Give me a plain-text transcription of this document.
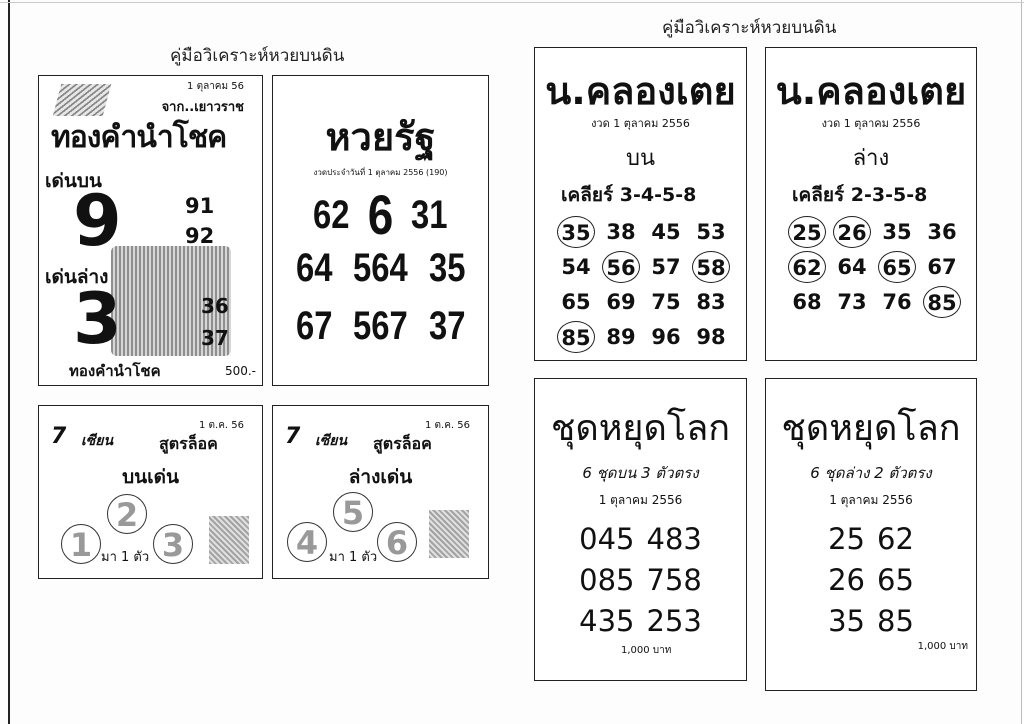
คู่มือวิเคราะห์หวยบนดิน
คู่มือวิเคราะห์หวยบนดิน
1 ตุลาคม 56
จาก..เยาวราช
ทองคำนำโชค
เด่นบน
9	91
92
เด่นล่าง
3	36
37
ทองคำนำโชค	500.-
หวยรัฐ
งวดประจำวันที่ 1 ตุลาคม 2556 (190)
62 6 31
64 564 35
67 567 37
7 เซียน	สูตรล็อค
1 ต.ค. 56
บนเด่น
1
2
3
มา 1 ตัว
7 เซียน สูตรล็อค
1 ต.ค. 56
ล่างเด่น
4
5
6
มา 1 ตัว
น.คลองเตย
งวด 1 ตุลาคม 2556
บน
เคลียร์ 3-4-5-8
35 38 45 53
54 56 57 58
65 69 75 83
85 89 96 98
น.คลองเตย
งวด 1 ตุลาคม 2556
ล่าง
เคลียร์ 2-3-5-8
25 26 35 36
62 64 65 67
68 73 76 85
ชุดหยุดโลก
6 ชุดบน 3 ตัวตรง
1 ตุลาคม 2556
045 483
085 758
435 253
1,000 บาท
ชุดหยุดโลก
6 ชุดล่าง 2 ตัวตรง
1 ตุลาคม 2556
25 62
26 65
35 85
1,000 บาท
